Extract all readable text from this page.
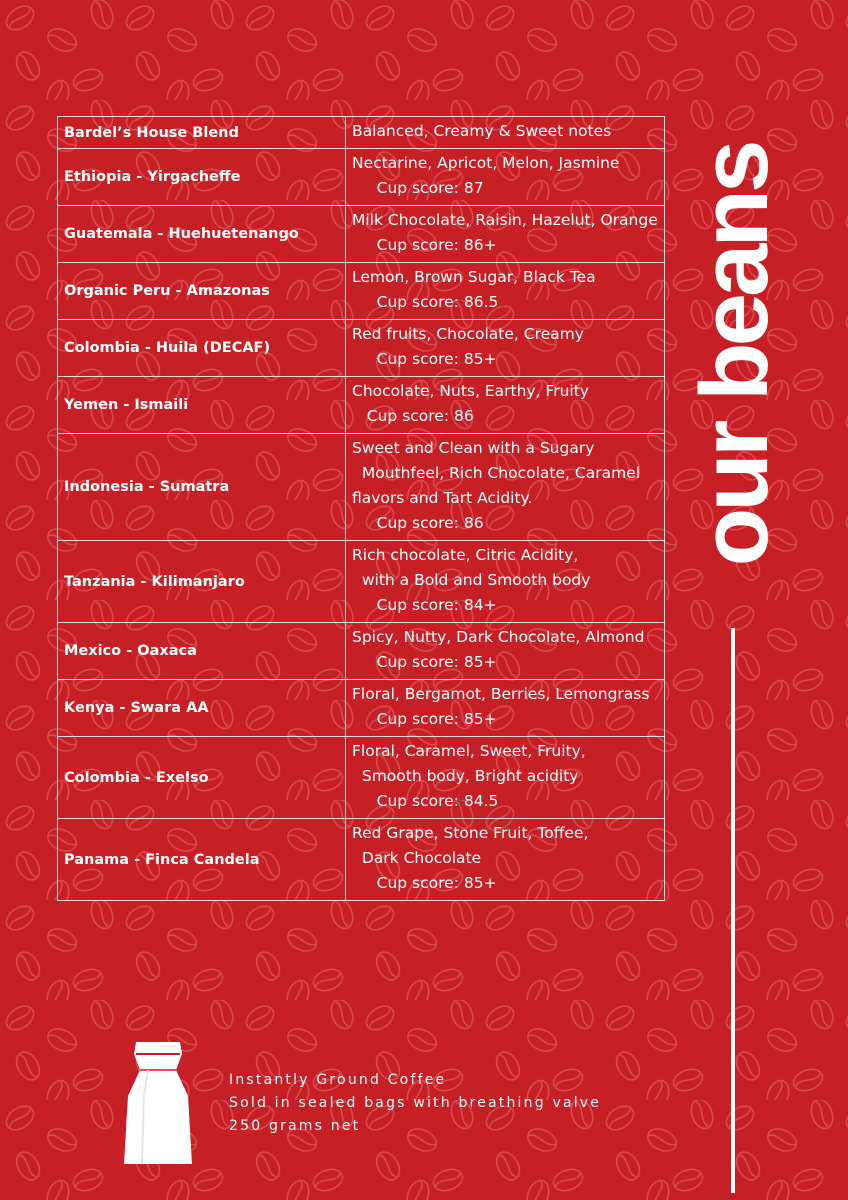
Bardel’s House Blend	Balanced, Creamy & Sweet notes

Ethiopia - Yirgacheffe	Nectarine, Apricot, Melon, Jasmine
Cup score: 87

Guatemala - Huehuetenango	Milk Chocolate, Raisin, Hazelut, Orange
Cup score: 86+

Organic Peru - Amazonas	Lemon, Brown Sugar, Black Tea
Cup score: 86.5

Colombia - Huila (DECAF)	Red fruits, Chocolate, Creamy
Cup score: 85+

Yemen - Ismaili	Chocolate, Nuts, Earthy, Fruity
Cup score: 86

Indonesia - Sumatra	Sweet and Clean with a Sugary
Mouthfeel, Rich Chocolate, Caramel
flavors and Tart Acidity.
Cup score: 86

Tanzania - Kilimanjaro	Rich chocolate, Citric Acidity,
with a Bold and Smooth body
Cup score: 84+

Mexico - Oaxaca	Spicy, Nutty, Dark Chocolate, Almond
Cup score: 85+

Kenya - Swara AA	Floral, Bergamot, Berries, Lemongrass
Cup score: 85+

Colombia - Exelso	Floral, Caramel, Sweet, Fruity,
Smooth body, Bright acidity
Cup score: 84.5

Panama - Finca Candela	Red Grape, Stone Fruit, Toffee,
Dark Chocolate
Cup score: 85+
our beans
Instantly Ground Coffee
Sold in sealed bags with breathing valve
250 grams net
